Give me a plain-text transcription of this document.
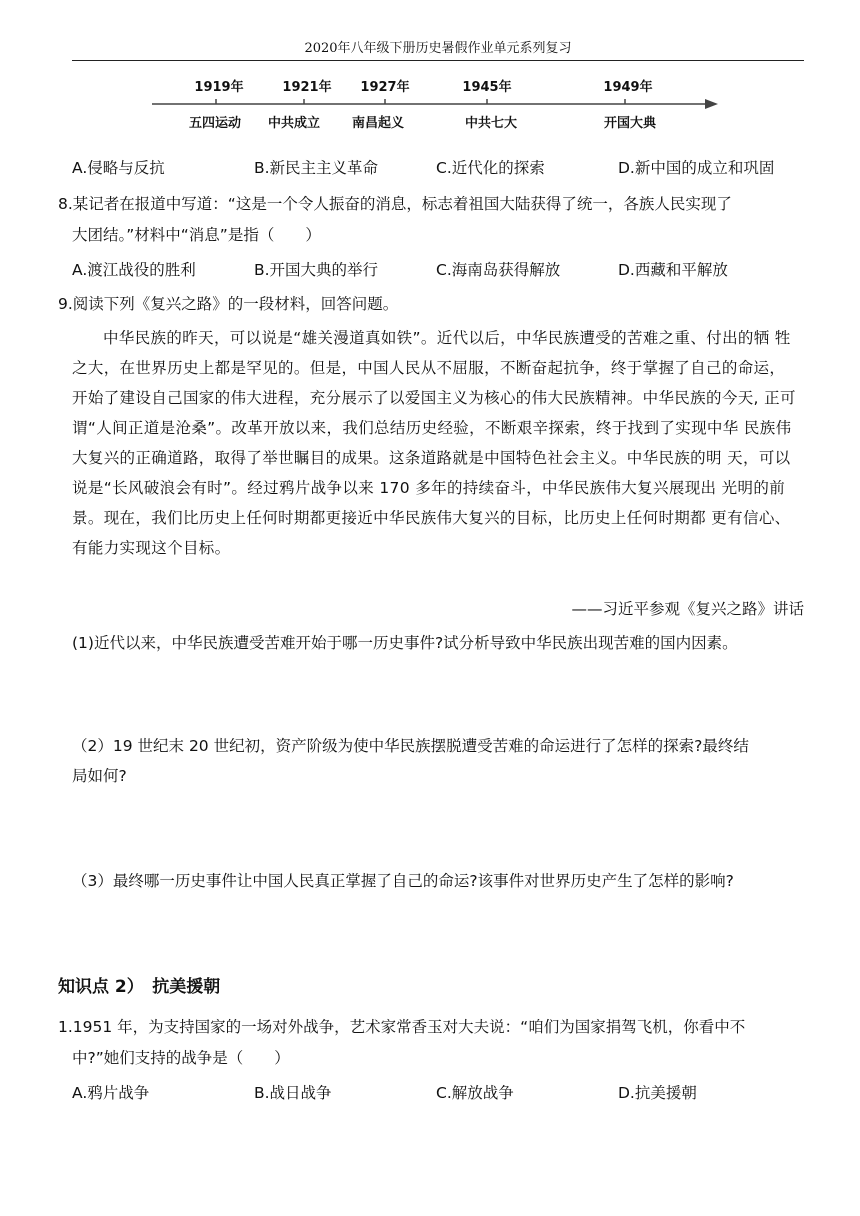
2020年八年级下册历史暑假作业单元系列复习
1919年	1921年 1927年	1945年	1949年
五四运动 中共成立 南昌起义	中共七大	开国大典
A.侵略与反抗	B.新民主主义革命	C.近代化的探索	D.新中国的成立和巩固
8.某记者在报道中写道：“这是一个令人振奋的消息，标志着祖国大陆获得了统一，各族人民实现了
大团结。”材料中“消息”是指（　　）
A.渡江战役的胜利	B.开国大典的举行	C.海南岛获得解放	D.西藏和平解放
9.阅读下列《复兴之路》的一段材料，回答问题。

中华民族的昨天，可以说是“雄关漫道真如铁”。近代以后，中华民族遭受的苦难之重、付出的牺 牲之大，在世界历史上都是罕见的。但是，中国人民从不屈服，不断奋起抗争，终于掌握了自己的命运， 开始了建设自己国家的伟大进程，充分展示了以爱国主义为核心的伟大民族精神。中华民族的今天, 正可谓“人间正道是沧桑”。改革开放以来，我们总结历史经验，不断艰辛探索，终于找到了实现中华 民族伟大复兴的正确道路，取得了举世瞩目的成果。这条道路就是中国特色社会主义。中华民族的明 天，可以说是“长风破浪会有时”。经过鸦片战争以来 170 多年的持续奋斗，中华民族伟大复兴展现出 光明的前景。现在，我们比历史上任何时期都更接近中华民族伟大复兴的目标，比历史上任何时期都 更有信心、有能力实现这个目标。

——习近平参观《复兴之路》讲话
(1)近代以来，中华民族遭受苦难开始于哪一历史事件?试分析导致中华民族出现苦难的国内因素。
（2）19 世纪末 20 世纪初，资产阶级为使中华民族摆脱遭受苦难的命运进行了怎样的探索?最终结
局如何?
（3）最终哪一历史事件让中国人民真正掌握了自己的命运?该事件对世界历史产生了怎样的影响?
知识点 2）　抗美援朝
1.1951 年，为支持国家的一场对外战争，艺术家常香玉对大夫说：“咱们为国家捐驾飞机，你看中不
中?”她们支持的战争是（　　）
A.鸦片战争	B.战日战争	C.解放战争	D.抗美援朝
